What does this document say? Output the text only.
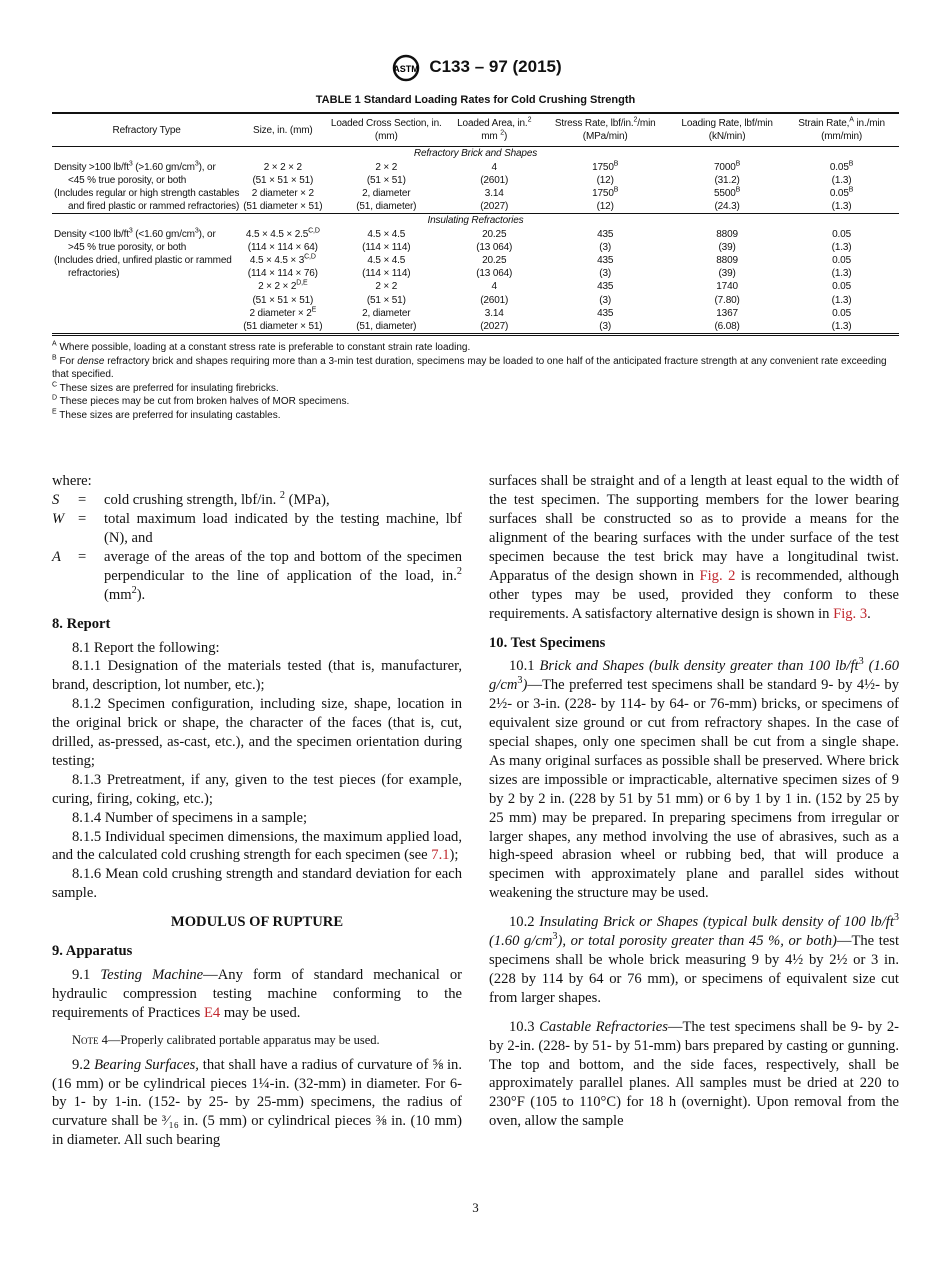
ASTM C133 – 97 (2015)
TABLE 1 Standard Loading Rates for Cold Crushing Strength
Refractory Type	Size, in. (mm)	Loaded Cross Section, in. (mm)	Loaded Area, in.$^2$ mm $^2$)	Stress Rate, lbf/in.$^2$/min (MPa/min)	Loading Rate, lbf/min (kN/min)	Strain Rate,$^A$ in./min (mm/min)
Refractory Brick and Shapes						
Density >100 $lb/ft^3$ (>1.60 $gm/cm^3$), or	2 × 2 × 2	2 × 2	4	$1750^B$	$7000^B$	$0.05^B$
<45 % true porosity, or both	(51 × 51 × 51)	(51 × 51)	(2601)	(12)	(31.2)	(1.3)
(Includes regular or high strength castables	2 diameter × 2	2, diameter	3.14	$1750^B$	$5500^B$	$0.05^B$
and fired plastic or rammed refractories)	(51 diameter × 51)	(51, diameter)	(2027)	(12)	(24.3)	(1.3)
Insulating Refractories						
Density <100 $lb/ft^3$ (<1.60 $gm/cm^3$), or	$4.5 \times 4.5 \times 2.5^{C,D}$	4.5 × 4.5	20.25	435	8809	0.05
>45 % true porosity, or both	(114 × 114 × 64)	(114 × 114)	(13 064)	(3)	(39)	(1.3)
(Includes dried, unfired plastic or rammed	$4.5 \times 4.5 \times 3^{C,D}$	4.5 × 4.5	20.25	435	8809	0.05
refractories)	(114 × 114 × 76)	(114 × 114)	(13 064)	(3)	(39)	(1.3)
	$2 \times 2 \times 2^{D,E}$	2 × 2	4	435	1740	0.05
	(51 × 51 × 51)	(51 × 51)	(2601)	(3)	(7.80)	(1.3)
	2 diameter × $2^E$	2, diameter	3.14	435	1367	0.05
	(51 diameter × 51)	(51, diameter)	(2027)	(3)	(6.08)	(1.3)
$^A$ Where possible, loading at a constant stress rate is preferable to constant strain rate loading.
$^B$ For dense refractory brick and shapes requiring more than a 3-min test duration, specimens may be loaded to one half of the anticipated fracture strength at any convenient rate exceeding that specified.
$^C$ These sizes are preferred for insulating firebricks.
$^D$ These pieces may be cut from broken halves of MOR specimens.
$^E$ These sizes are preferred for insulating castables.

where:

S	=	cold crushing strength, lbf/in. $^2$ (MPa),
W =	total maximum load indicated by the testing machine, lbf (N), and
A	=	average of the areas of the top and bottom of the specimen perpendicular to the line of application of the load, in.$^2$ $(mm^2)$.

8. Report

8.1 Report the following:

8.1.1 Designation of the materials tested (that is, manufacturer, brand, description, lot number, etc.);

8.1.2 Specimen configuration, including size, shape, location in the original brick or shape, the character of the faces (that is, cut, drilled, as-pressed, as-cast, etc.), and the specimen orientation during testing;

8.1.3 Pretreatment, if any, given to the test pieces (for example, curing, firing, coking, etc.);

8.1.4 Number of specimens in a sample;

8.1.5 Individual specimen dimensions, the maximum applied load, and the calculated cold crushing strength for each specimen (see 7.1);

8.1.6 Mean cold crushing strength and standard deviation for each sample.

MODULUS OF RUPTURE

9. Apparatus

9.1 Testing Machine—Any form of standard mechanical or hydraulic compression testing machine conforming to the requirements of Practices E4 may be used.

Note 4—Properly calibrated portable apparatus may be used.

9.2 Bearing Surfaces, that shall have a radius of curvature of ⅝ in. (16 mm) or be cylindrical pieces 1¼-in. (32-mm) in diameter. For 6- by 1- by 1-in. (152- by 25- by 25-mm) specimens, the radius of curvature shall be ³⁄₁₆ in. (5 mm) or cylindrical pieces ⅜ in. (10 mm) in diameter. All such bearing

surfaces shall be straight and of a length at least equal to the width of the test specimen. The supporting members for the lower bearing surfaces shall be constructed so as to provide a means for the alignment of the bearing surfaces with the under surface of the test specimen because the test brick may have a longitudinal twist. Apparatus of the design shown in Fig. 2 is recommended, although other types may be used, provided they conform to these requirements. A satisfactory alternative design is shown in Fig. 3.

10. Test Specimens

10.1 Brick and Shapes (bulk density greater than 100 $lb/ft^3$ (1.60 $g/cm^3)—The$ preferred test specimens shall be standard 9- by 4½- by 2½- or 3-in. (228- by 114- by 64- or 76-mm) bricks, or specimens of equivalent size ground or cut from refractory shapes. In the case of special shapes, only one specimen shall be cut from a single shape. As many original surfaces as possible shall be preserved. Where brick sizes are impossible or impracticable, alternative specimen sizes of 9 by 2 by 2 in. (228 by 51 by 51 mm) or 6 by 1 by 1 in. (152 by 25 by 25 mm) may be prepared. In preparing specimens from irregular or larger shapes, any method involving the use of abrasives, such as a high-speed abrasion wheel or rubbing bed, that will produce a specimen with approximately plane and parallel sides without weakening the structure may be used.

10.2 Insulating Brick or Shapes (typical bulk density of 100 $lb/ft^3$ (1.60 $g/cm^3$), or total porosity greater than 45 %, or both)—The test specimens shall be whole brick measuring 9 by 4½ by 2½ or 3 in. (228 by 114 by 64 or 76 mm), or specimens of equivalent size cut from larger shapes.

10.3 Castable Refractories—The test specimens shall be 9- by 2- by 2-in. (228- by 51- by 51-mm) bars prepared by casting or gunning. The top and bottom, and the side faces, respectively, shall be approximately parallel planes. All samples must be dried at 220 to 230°F (105 to 110°C) for 18 h (overnight). Upon removal from the oven, allow the sample

3
